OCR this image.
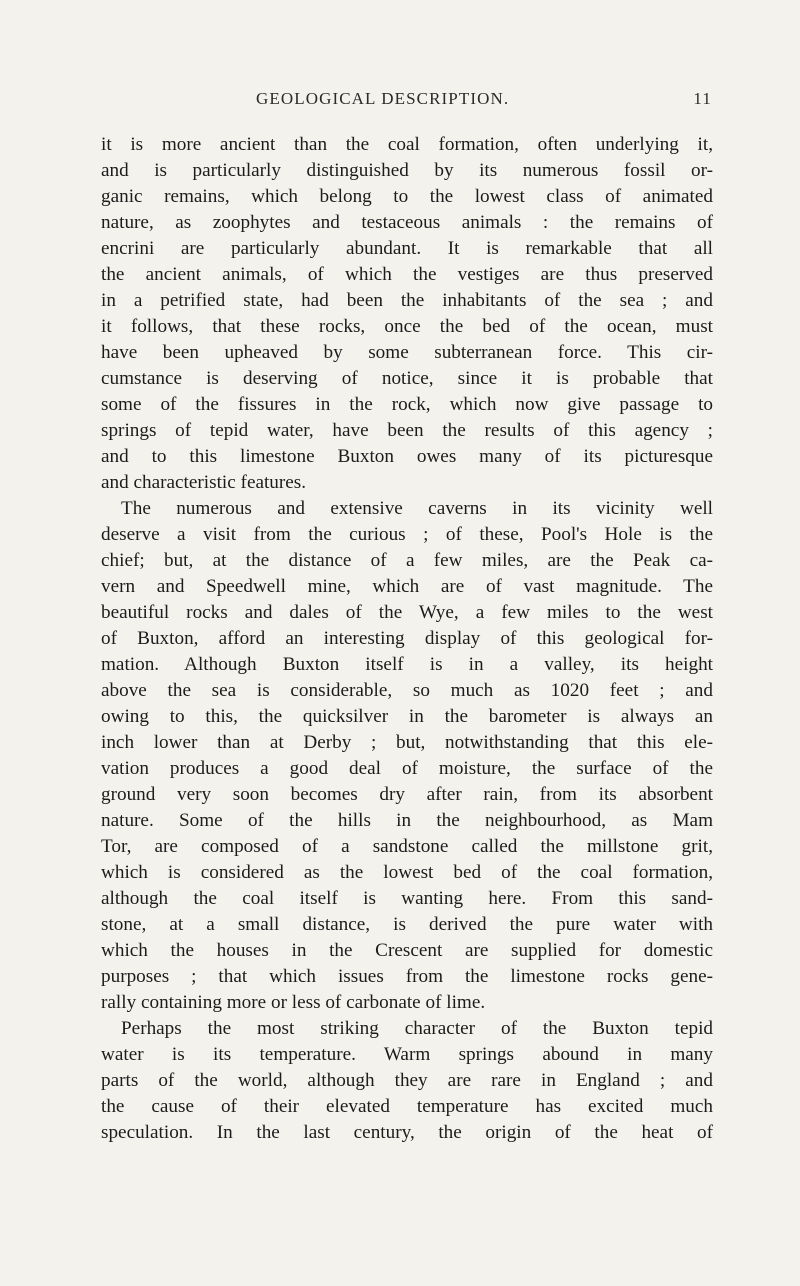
GEOLOGICAL DESCRIPTION.	11
it is more ancient than the coal formation, often underlying it,
and is particularly distinguished by its numerous fossil or-
ganic remains, which belong to the lowest class of animated
nature, as zoophytes and testaceous animals : the remains of
encrini are particularly abundant. It is remarkable that all
the ancient animals, of which the vestiges are thus preserved
in a petrified state, had been the inhabitants of the sea ; and
it follows, that these rocks, once the bed of the ocean, must
have been upheaved by some subterranean force. This cir-
cumstance is deserving of notice, since it is probable that
some of the fissures in the rock, which now give passage to
springs of tepid water, have been the results of this agency ;
and to this limestone Buxton owes many of its picturesque
and characteristic features.
The numerous and extensive caverns in its vicinity well
deserve a visit from the curious ; of these, Pool's Hole is the
chief; but, at the distance of a few miles, are the Peak ca-
vern and Speedwell mine, which are of vast magnitude. The
beautiful rocks and dales of the Wye, a few miles to the west
of Buxton, afford an interesting display of this geological for-
mation. Although Buxton itself is in a valley, its height
above the sea is considerable, so much as 1020 feet ; and
owing to this, the quicksilver in the barometer is always an
inch lower than at Derby ; but, notwithstanding that this ele-
vation produces a good deal of moisture, the surface of the
ground very soon becomes dry after rain, from its absorbent
nature. Some of the hills in the neighbourhood, as Mam
Tor, are composed of a sandstone called the millstone grit,
which is considered as the lowest bed of the coal formation,
although the coal itself is wanting here. From this sand-
stone, at a small distance, is derived the pure water with
which the houses in the Crescent are supplied for domestic
purposes ; that which issues from the limestone rocks gene-
rally containing more or less of carbonate of lime.
Perhaps the most striking character of the Buxton tepid
water is its temperature. Warm springs abound in many
parts of the world, although they are rare in England ; and
the cause of their elevated temperature has excited much
speculation. In the last century, the origin of the heat of
